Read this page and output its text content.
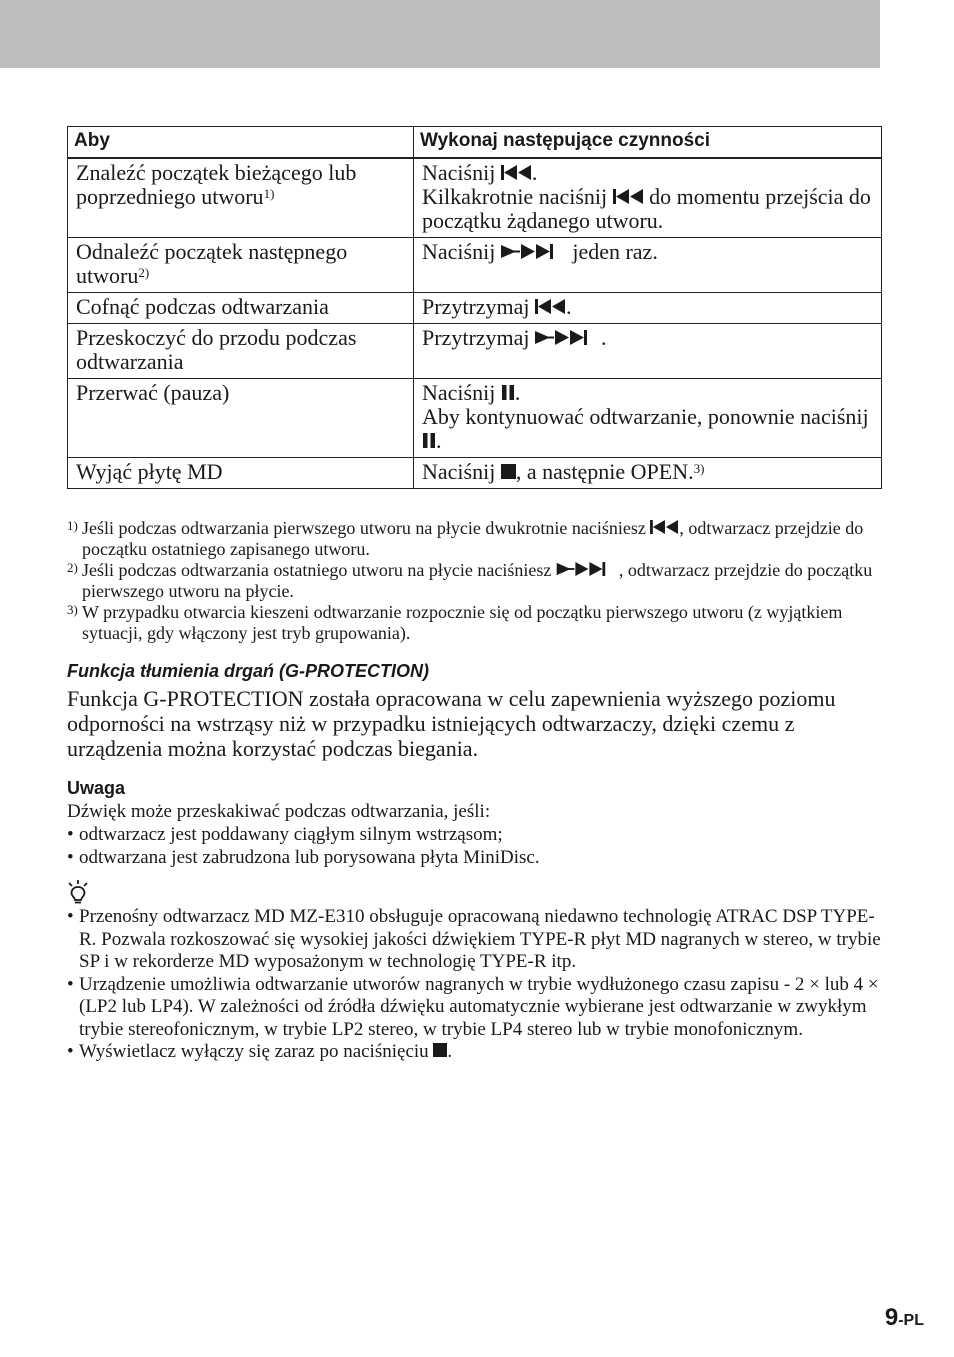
Aby	Wykonaj następujące czynności
Znaleźć początek bieżącego lub poprzedniego utworu$^{1)}$	Naciśnij
.
Kilkakrotnie naciśnij
do momentu przejścia do początku żądanego utworu.

Odnaleźć początek następnego utworu$^{2)}$	Naciśnij jeden raz.
Cofnąć podczas odtwarzania	Przytrzymaj
.
Przeskoczyć do przodu podczas odtwarzania	Przytrzymaj .
Przerwać (pauza)	Naciśnij
.
Aby kontynuować odtwarzanie, ponownie naciśnij
.

Wyjąć płytę MD	Naciśnij
, a następnie OPEN.$^{3)}$
1) Jeśli podczas odtwarzania pierwszego utworu na płycie dwukrotnie naciśniesz
, odtwarzacz przejdzie do początku ostatniego zapisanego utworu.
2) Jeśli podczas odtwarzania ostatniego utworu na płycie naciśniesz	, odtwarzacz przejdzie do początku pierwszego utworu na płycie.
3) W przypadku otwarcia kieszeni odtwarzanie rozpocznie się od początku pierwszego utworu (z wyjątkiem sytuacji, gdy włączony jest tryb grupowania).
Funkcja tłumienia drgań (G-PROTECTION)
Funkcja G-PROTECTION została opracowana w celu zapewnienia wyższego poziomu odporności na wstrząsy niż w przypadku istniejących odtwarzaczy, dzięki czemu z urządzenia można korzystać podczas biegania.
Uwaga
Dźwięk może przeskakiwać podczas odtwarzania, jeśli:
• odtwarzacz jest poddawany ciągłym silnym wstrząsom;
• odtwarzana jest zabrudzona lub porysowana płyta MiniDisc.
• Przenośny odtwarzacz MD MZ-E310 obsługuje opracowaną niedawno technologię ATRAC DSP TYPE-R. Pozwala rozkoszować się wysokiej jakości dźwiękiem TYPE-R płyt MD nagranych w stereo, w trybie SP i w rekorderze MD wyposażonym w technologię TYPE-R itp.
• Urządzenie umożliwia odtwarzanie utworów nagranych w trybie wydłużonego czasu zapisu - 2 × lub 4 × (LP2 lub LP4). W zależności od źródła dźwięku automatycznie wybierane jest odtwarzanie w zwykłym trybie stereofonicznym, w trybie LP2 stereo, w trybie LP4 stereo lub w trybie monofonicznym.
• Wyświetlacz wyłączy się zaraz po naciśnięciu
.
9-PL
